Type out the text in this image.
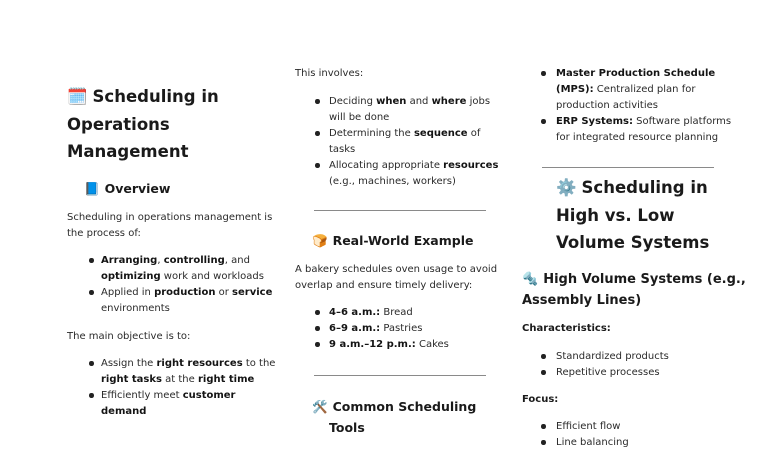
🗓️ Scheduling in
Operations
Management
📘 Overview
Scheduling in operations management is
the process of:
Arranging, controlling, and
optimizing work and workloads
Applied in production or service
environments
The main objective is to:
Assign the right resources to the
right tasks at the right time
Efficiently meet customer
demand
This involves:
Deciding when and where jobs
will be done
Determining the sequence of
tasks
Allocating appropriate resources
(e.g., machines, workers)
🍞 Real-World Example
A bakery schedules oven usage to avoid
overlap and ensure timely delivery:
4–6 a.m.: Bread
6–9 a.m.: Pastries
9 a.m.–12 p.m.: Cakes
🛠️ Common Scheduling
Tools
Master Production Schedule
(MPS): Centralized plan for
production activities
ERP Systems: Software platforms
for integrated resource planning
⚙️ Scheduling in
High vs. Low
Volume Systems
🔩 High Volume Systems (e.g.,
Assembly Lines)
Characteristics:
Standardized products
Repetitive processes
Focus:
Efficient flow
Line balancing
